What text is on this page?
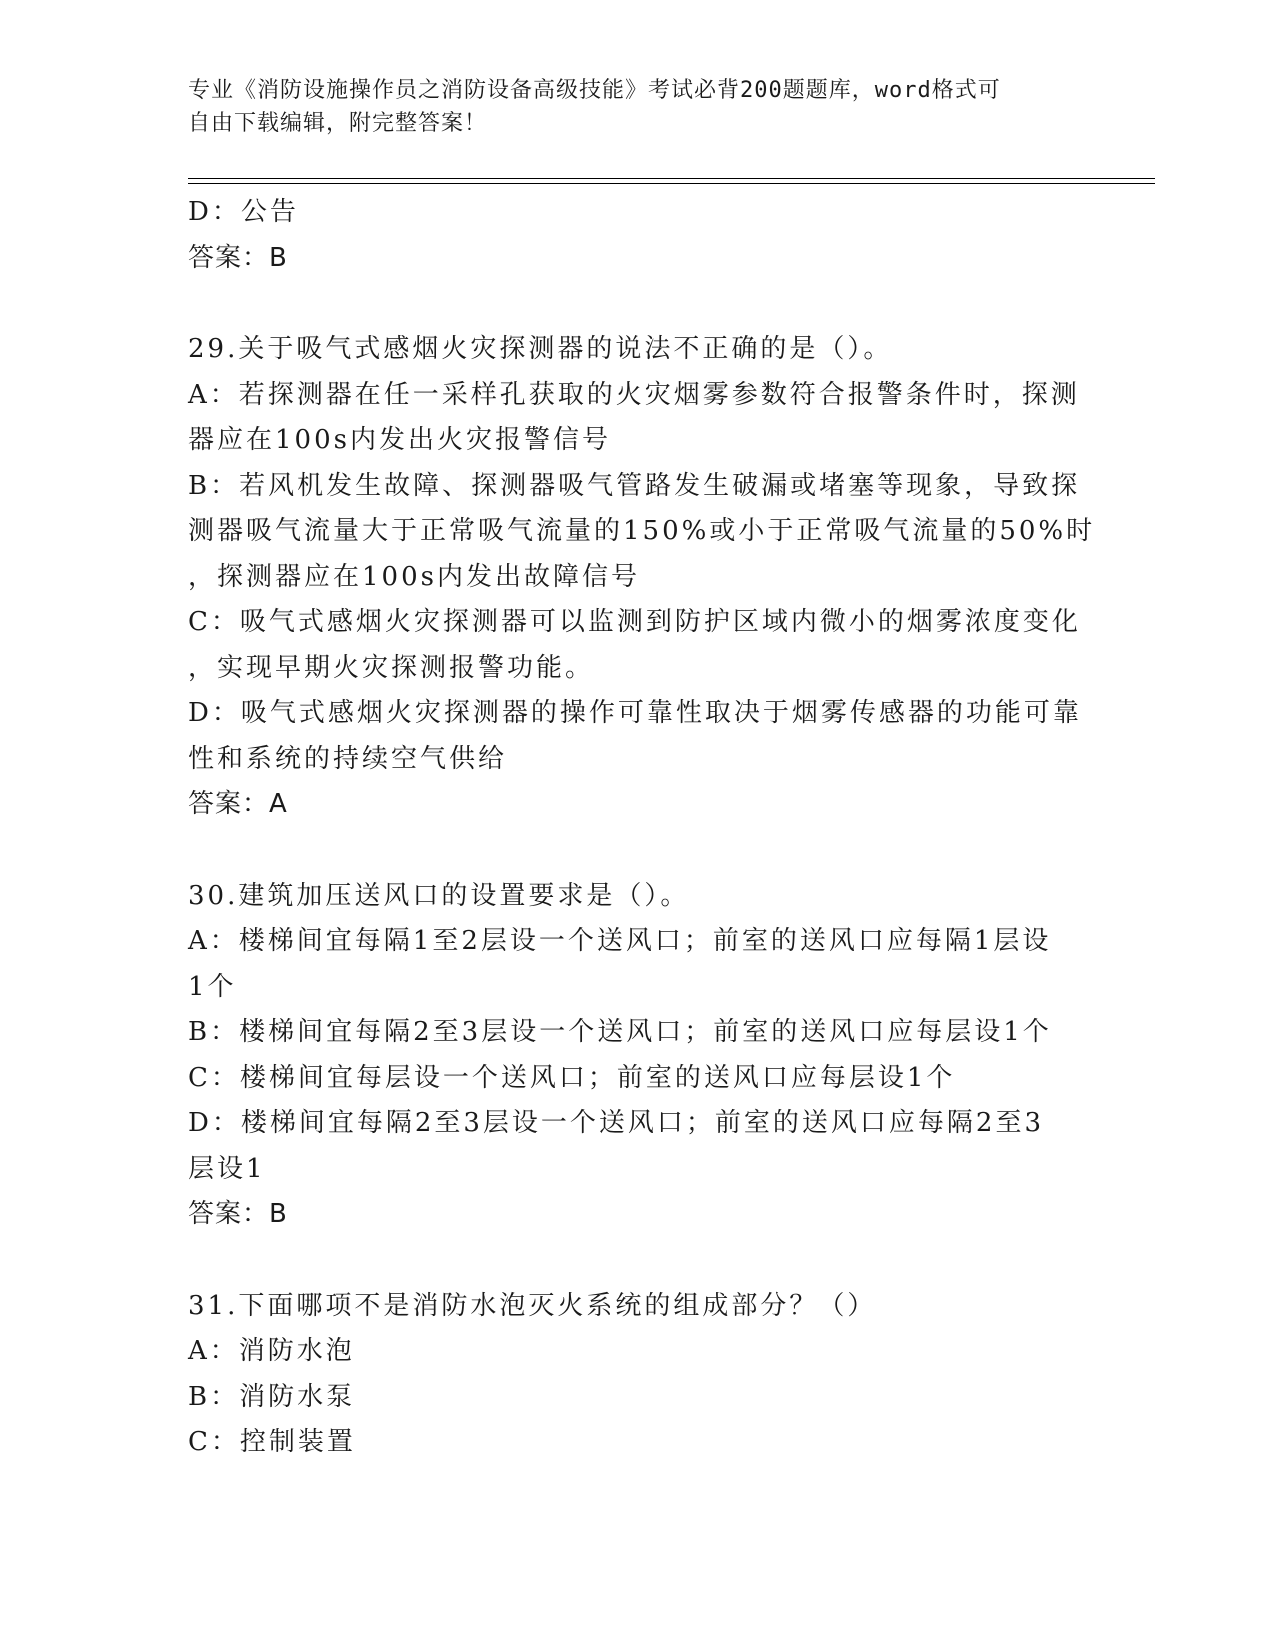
专业《消防设施操作员之消防设备高级技能》考试必背200题题库，word格式可
自由下载编辑，附完整答案！

D：公告

答案：B

29.关于吸气式感烟火灾探测器的说法不正确的是（）。

A：若探测器在任一采样孔获取的火灾烟雾参数符合报警条件时，探测

器应在100s内发出火灾报警信号

B：若风机发生故障、探测器吸气管路发生破漏或堵塞等现象，导致探

测器吸气流量大于正常吸气流量的150%或小于正常吸气流量的50%时

，探测器应在100s内发出故障信号

C：吸气式感烟火灾探测器可以监测到防护区域内微小的烟雾浓度变化

，实现早期火灾探测报警功能。

D：吸气式感烟火灾探测器的操作可靠性取决于烟雾传感器的功能可靠

性和系统的持续空气供给

答案：A

30.建筑加压送风口的设置要求是（）。

A：楼梯间宜每隔1至2层设一个送风口；前室的送风口应每隔1层设

1个

B：楼梯间宜每隔2至3层设一个送风口；前室的送风口应每层设1个

C：楼梯间宜每层设一个送风口；前室的送风口应每层设1个

D：楼梯间宜每隔2至3层设一个送风口；前室的送风口应每隔2至3

层设1

答案：B

31.下面哪项不是消防水泡灭火系统的组成部分？（）

A：消防水泡

B：消防水泵

C：控制装置
